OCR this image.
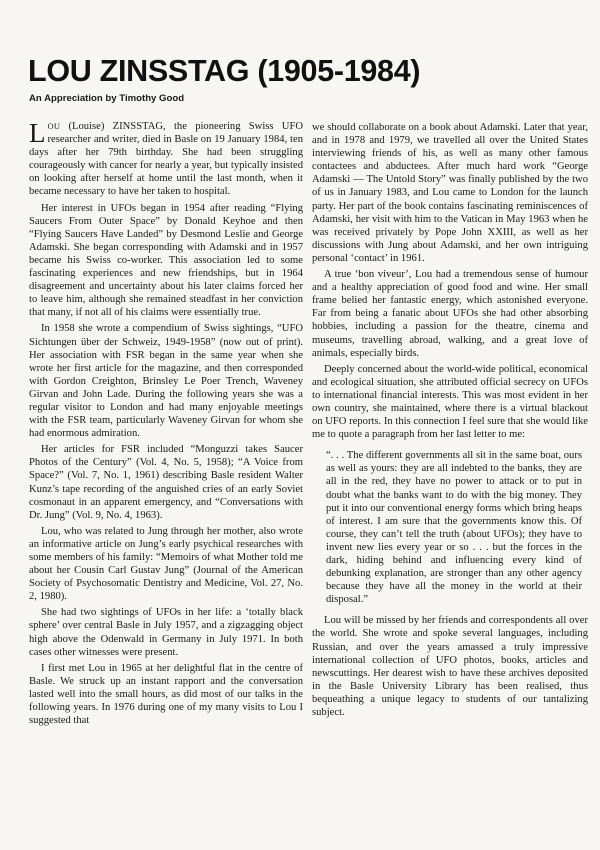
LOU ZINSSTAG (1905-1984)
An Appreciation by Timothy Good

LOU (Louise) ZINSSTAG, the pioneering Swiss UFO researcher and writer, died in Basle on 19 January 1984, ten days after her 79th birthday. She had been struggling courageously with cancer for nearly a year, but typically insisted on looking after herself at home until the last month, when it became necessary to have her taken to hospital.

Her interest in UFOs began in 1954 after reading “Flying Saucers From Outer Space” by Donald Keyhoe and then “Flying Saucers Have Landed” by Desmond Leslie and George Adamski. She began corresponding with Adamski and in 1957 became his Swiss co-worker. This association led to some fascinating experiences and new friendships, but in 1964 disagreement and uncertainty about his later claims forced her to leave him, although she remained steadfast in her conviction that many, if not all of his claims were essentially true.

In 1958 she wrote a compendium of Swiss sightings, “UFO Sichtungen über der Schweiz, 1949-1958” (now out of print). Her association with FSR began in the same year when she wrote her first article for the magazine, and then corresponded with Gordon Creighton, Brinsley Le Poer Trench, Waveney Girvan and John Lade. During the following years she was a regular visitor to London and had many enjoyable meetings with the FSR team, particularly Waveney Girvan for whom she had enormous admiration.

Her articles for FSR included “Monguzzi takes Saucer Photos of the Century” (Vol. 4, No. 5, 1958); “A Voice from Space?” (Vol. 7, No. 1, 1961) describing Basle resident Walter Kunz’s tape recording of the anguished cries of an early Soviet cosmonaut in an apparent emergency, and “Conversations with Dr. Jung” (Vol. 9, No. 4, 1963).

Lou, who was related to Jung through her mother, also wrote an informative article on Jung’s early psychical researches with some members of his family: “Memoirs of what Mother told me about her Cousin Carl Gustav Jung” (Journal of the American Society of Psychosomatic Dentistry and Medicine, Vol. 27, No. 2, 1980).

She had two sightings of UFOs in her life: a ‘totally black sphere’ over central Basle in July 1957, and a zigzagging object high above the Odenwald in Germany in July 1971. In both cases other witnesses were present.

I first met Lou in 1965 at her delightful flat in the centre of Basle. We struck up an instant rapport and the conversation lasted well into the small hours, as did most of our talks in the following years. In 1976 during one of my many visits to Lou I suggested that

we should collaborate on a book about Adamski. Later that year, and in 1978 and 1979, we travelled all over the United States interviewing friends of his, as well as many other famous contactees and abductees. After much hard work “George Adamski — The Untold Story” was finally published by the two of us in January 1983, and Lou came to London for the launch party. Her part of the book contains fascinating reminiscences of Adamski, her visit with him to the Vatican in May 1963 when he was received privately by Pope John XXIII, as well as her discussions with Jung about Adamski, and her own intriguing personal ‘contact’ in 1961.

A true ‘bon viveur’, Lou had a tremendous sense of humour and a healthy appreciation of good food and wine. Her small frame belied her fantastic energy, which astonished everyone. Far from being a fanatic about UFOs she had other absorbing hobbies, including a passion for the theatre, cinema and museums, travelling abroad, walking, and a great love of animals, especially birds.

Deeply concerned about the world-wide political, economical and ecological situation, she attributed official secrecy on UFOs to international financial interests. This was most evident in her own country, she maintained, where there is a virtual blackout on UFO reports. In this connection I feel sure that she would like me to quote a paragraph from her last letter to me:

“. . . The different governments all sit in the same boat, ours as well as yours: they are all indebted to the banks, they are all in the red, they have no power to attack or to put in doubt what the banks want to do with the big money. They put it into our conventional energy forms which bring heaps of interest. I am sure that the governments know this. Of course, they can’t tell the truth (about UFOs); they have to invent new lies every year or so . . . but the forces in the dark, hiding behind and influencing every kind of debunking explanation, are stronger than any other agency because they have all the money in the world at their disposal.”

Lou will be missed by her friends and correspondents all over the world. She wrote and spoke several languages, including Russian, and over the years amassed a truly impressive international collection of UFO photos, books, articles and newscuttings. Her dearest wish to have these archives deposited in the Basle University Library has been realised, thus bequeathing a unique legacy to students of our tantalizing subject.
